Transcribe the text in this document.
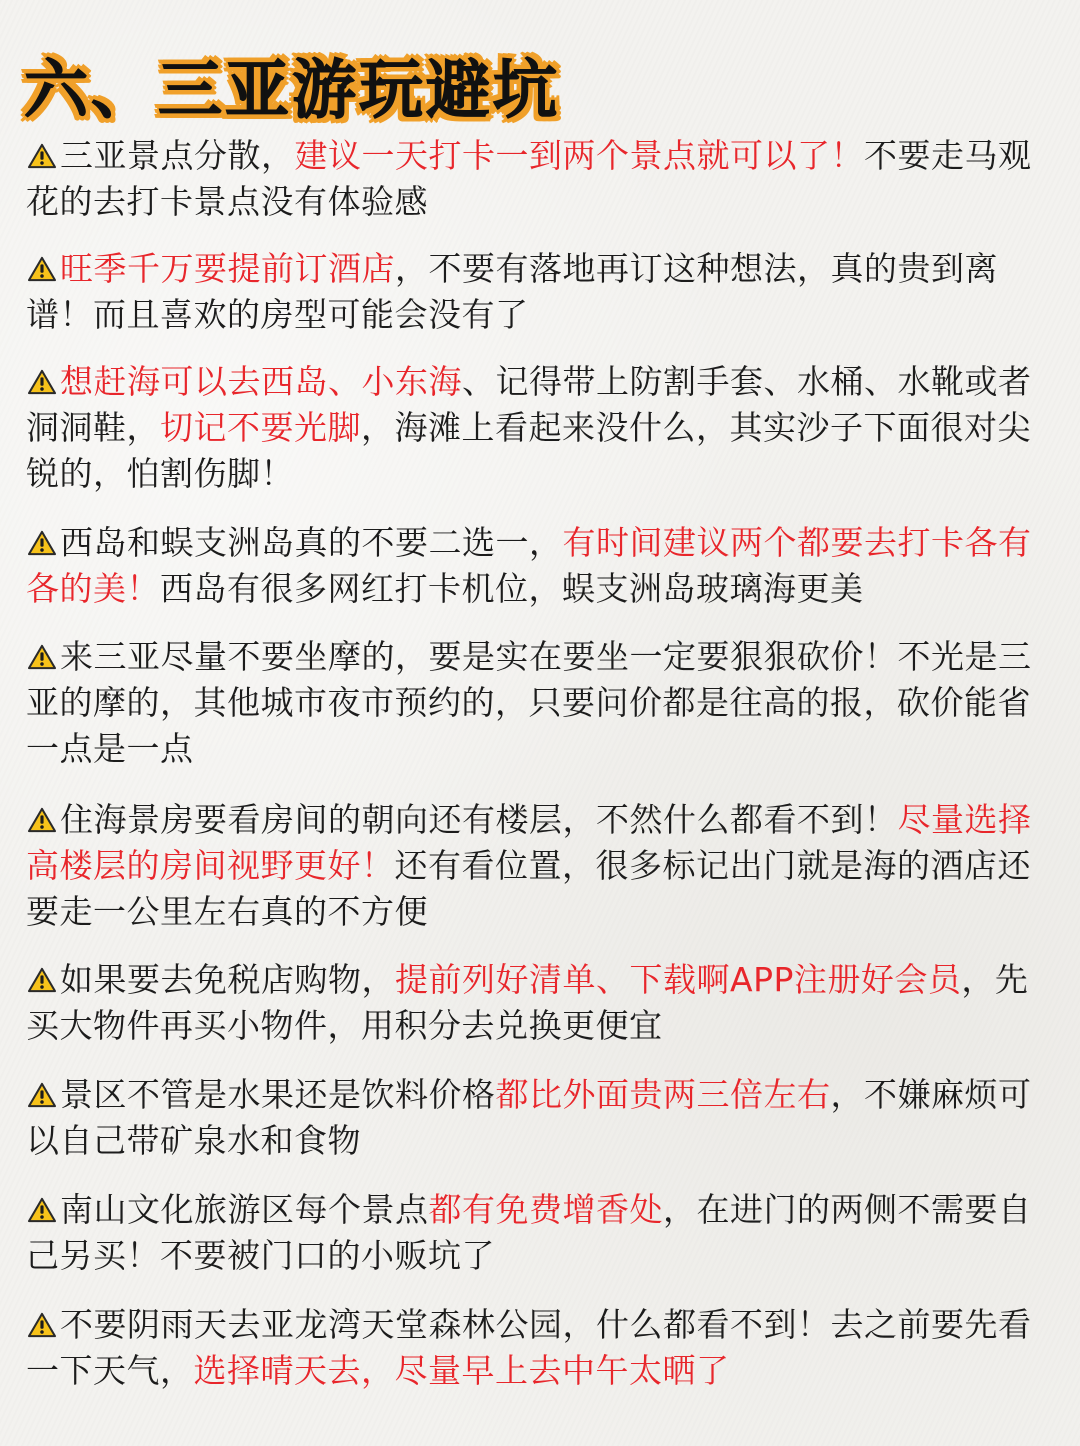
六、三亚游玩避坑
三亚景点分散，建议一天打卡一到两个景点就可以了！不要走马观花的去打卡景点没有体验感
旺季千万要提前订酒店，不要有落地再订这种想法，真的贵到离谱！而且喜欢的房型可能会没有了
想赶海可以去西岛、小东海、记得带上防割手套、水桶、水靴或者洞洞鞋，切记不要光脚，海滩上看起来没什么，其实沙子下面很对尖锐的，怕割伤脚！
西岛和蜈支洲岛真的不要二选一，有时间建议两个都要去打卡各有各的美！西岛有很多网红打卡机位，蜈支洲岛玻璃海更美
来三亚尽量不要坐摩的，要是实在要坐一定要狠狠砍价！不光是三亚的摩的，其他城市夜市预约的，只要问价都是往高的报，砍价能省一点是一点
住海景房要看房间的朝向还有楼层，不然什么都看不到！尽量选择高楼层的房间视野更好！还有看位置，很多标记出门就是海的酒店还要走一公里左右真的不方便
如果要去免税店购物，提前列好清单、下载啊APP注册好会员，先买大物件再买小物件，用积分去兑换更便宜
景区不管是水果还是饮料价格都比外面贵两三倍左右，不嫌麻烦可以自己带矿泉水和食物
南山文化旅游区每个景点都有免费增香处，在进门的两侧不需要自己另买！不要被门口的小贩坑了
不要阴雨天去亚龙湾天堂森林公园，什么都看不到！去之前要先看一下天气，选择晴天去，尽量早上去中午太晒了
